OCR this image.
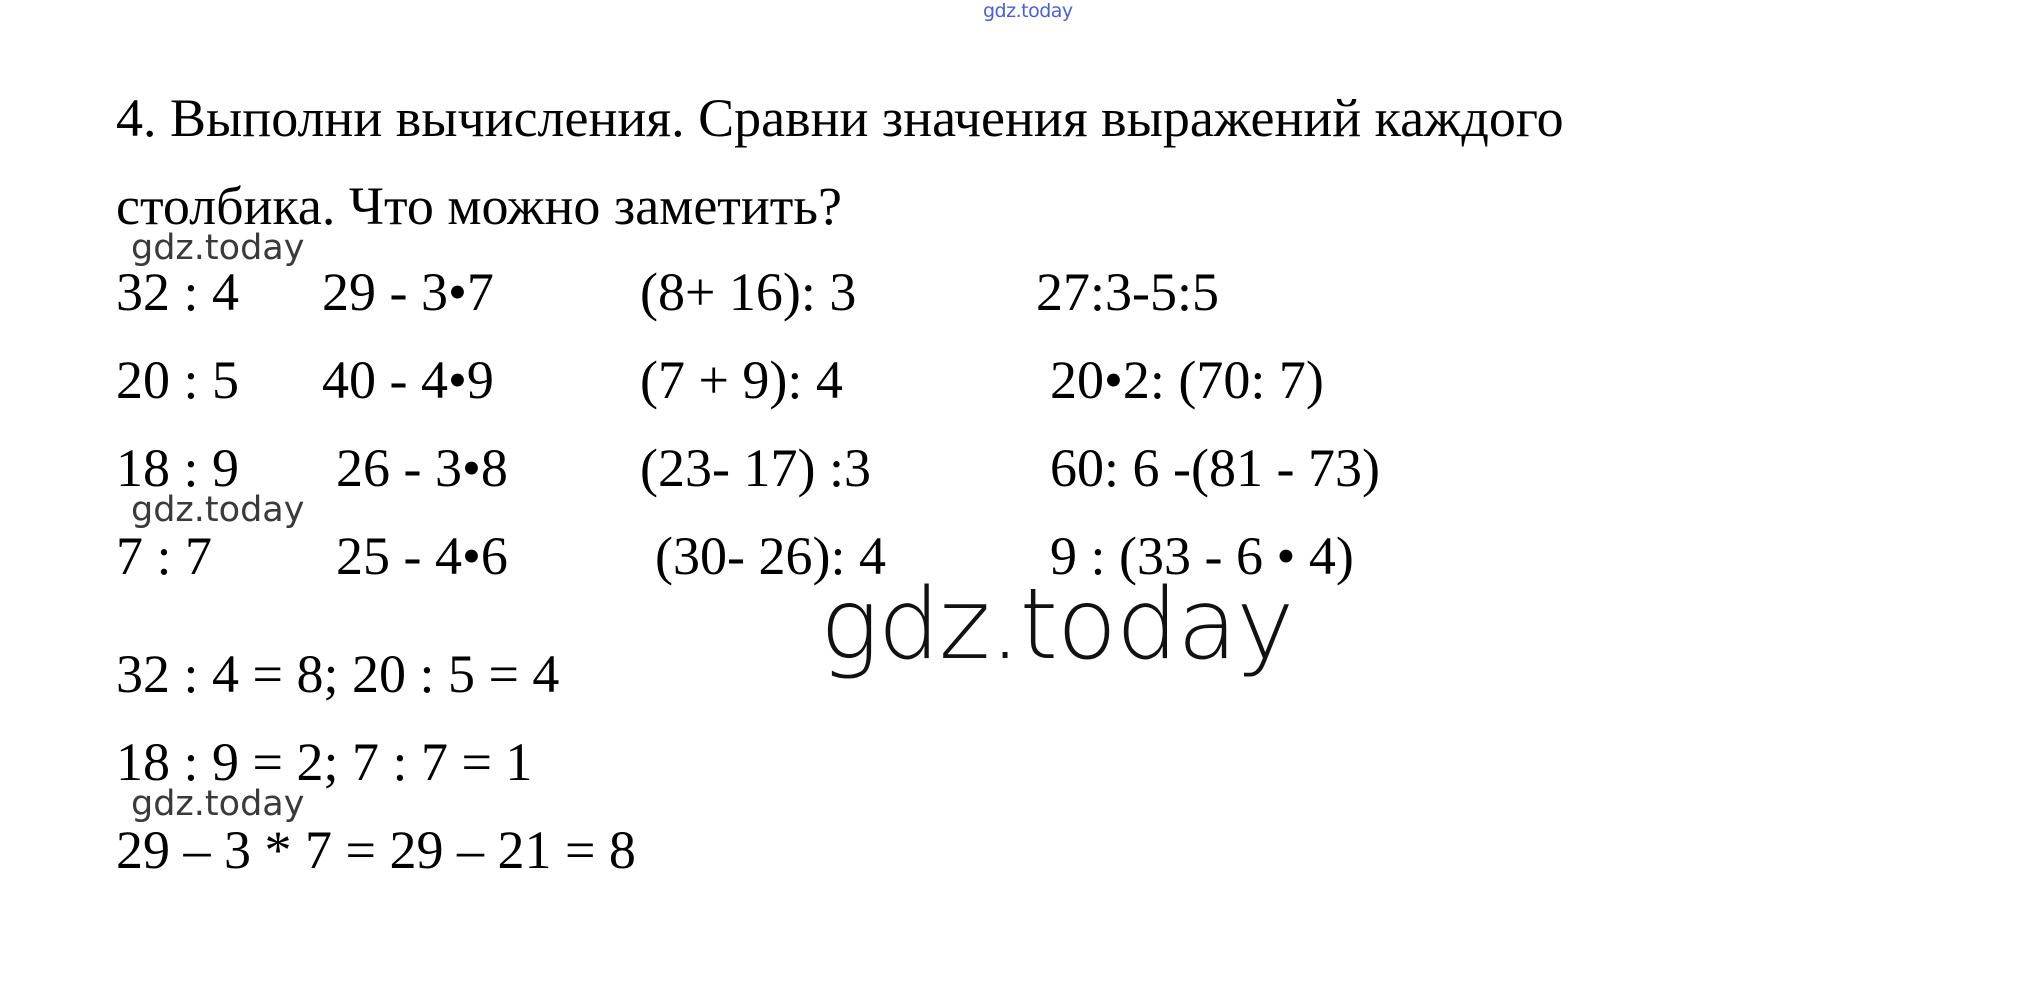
gdz.today
4. Выполни вычисления. Сравни значения выражений каждого
столбика. Что можно заметить?
gdz.today
gdz.today
gdz.today
32 : 4
20 : 5
18 : 9
7 : 7
29 - 3•7
40 - 4•9
26 - 3•8
25 - 4•6
(8+ 16): 3
(7 + 9): 4
(23- 17) :3
(30- 26): 4
27:3-5:5
20•2: (70: 7)
60: 6 -(81 - 73)
9 : (33 - 6 • 4)
gdz.today
32 : 4 = 8; 20 : 5 = 4
18 : 9 = 2; 7 : 7 = 1
29 – 3 * 7 = 29 – 21 = 8
